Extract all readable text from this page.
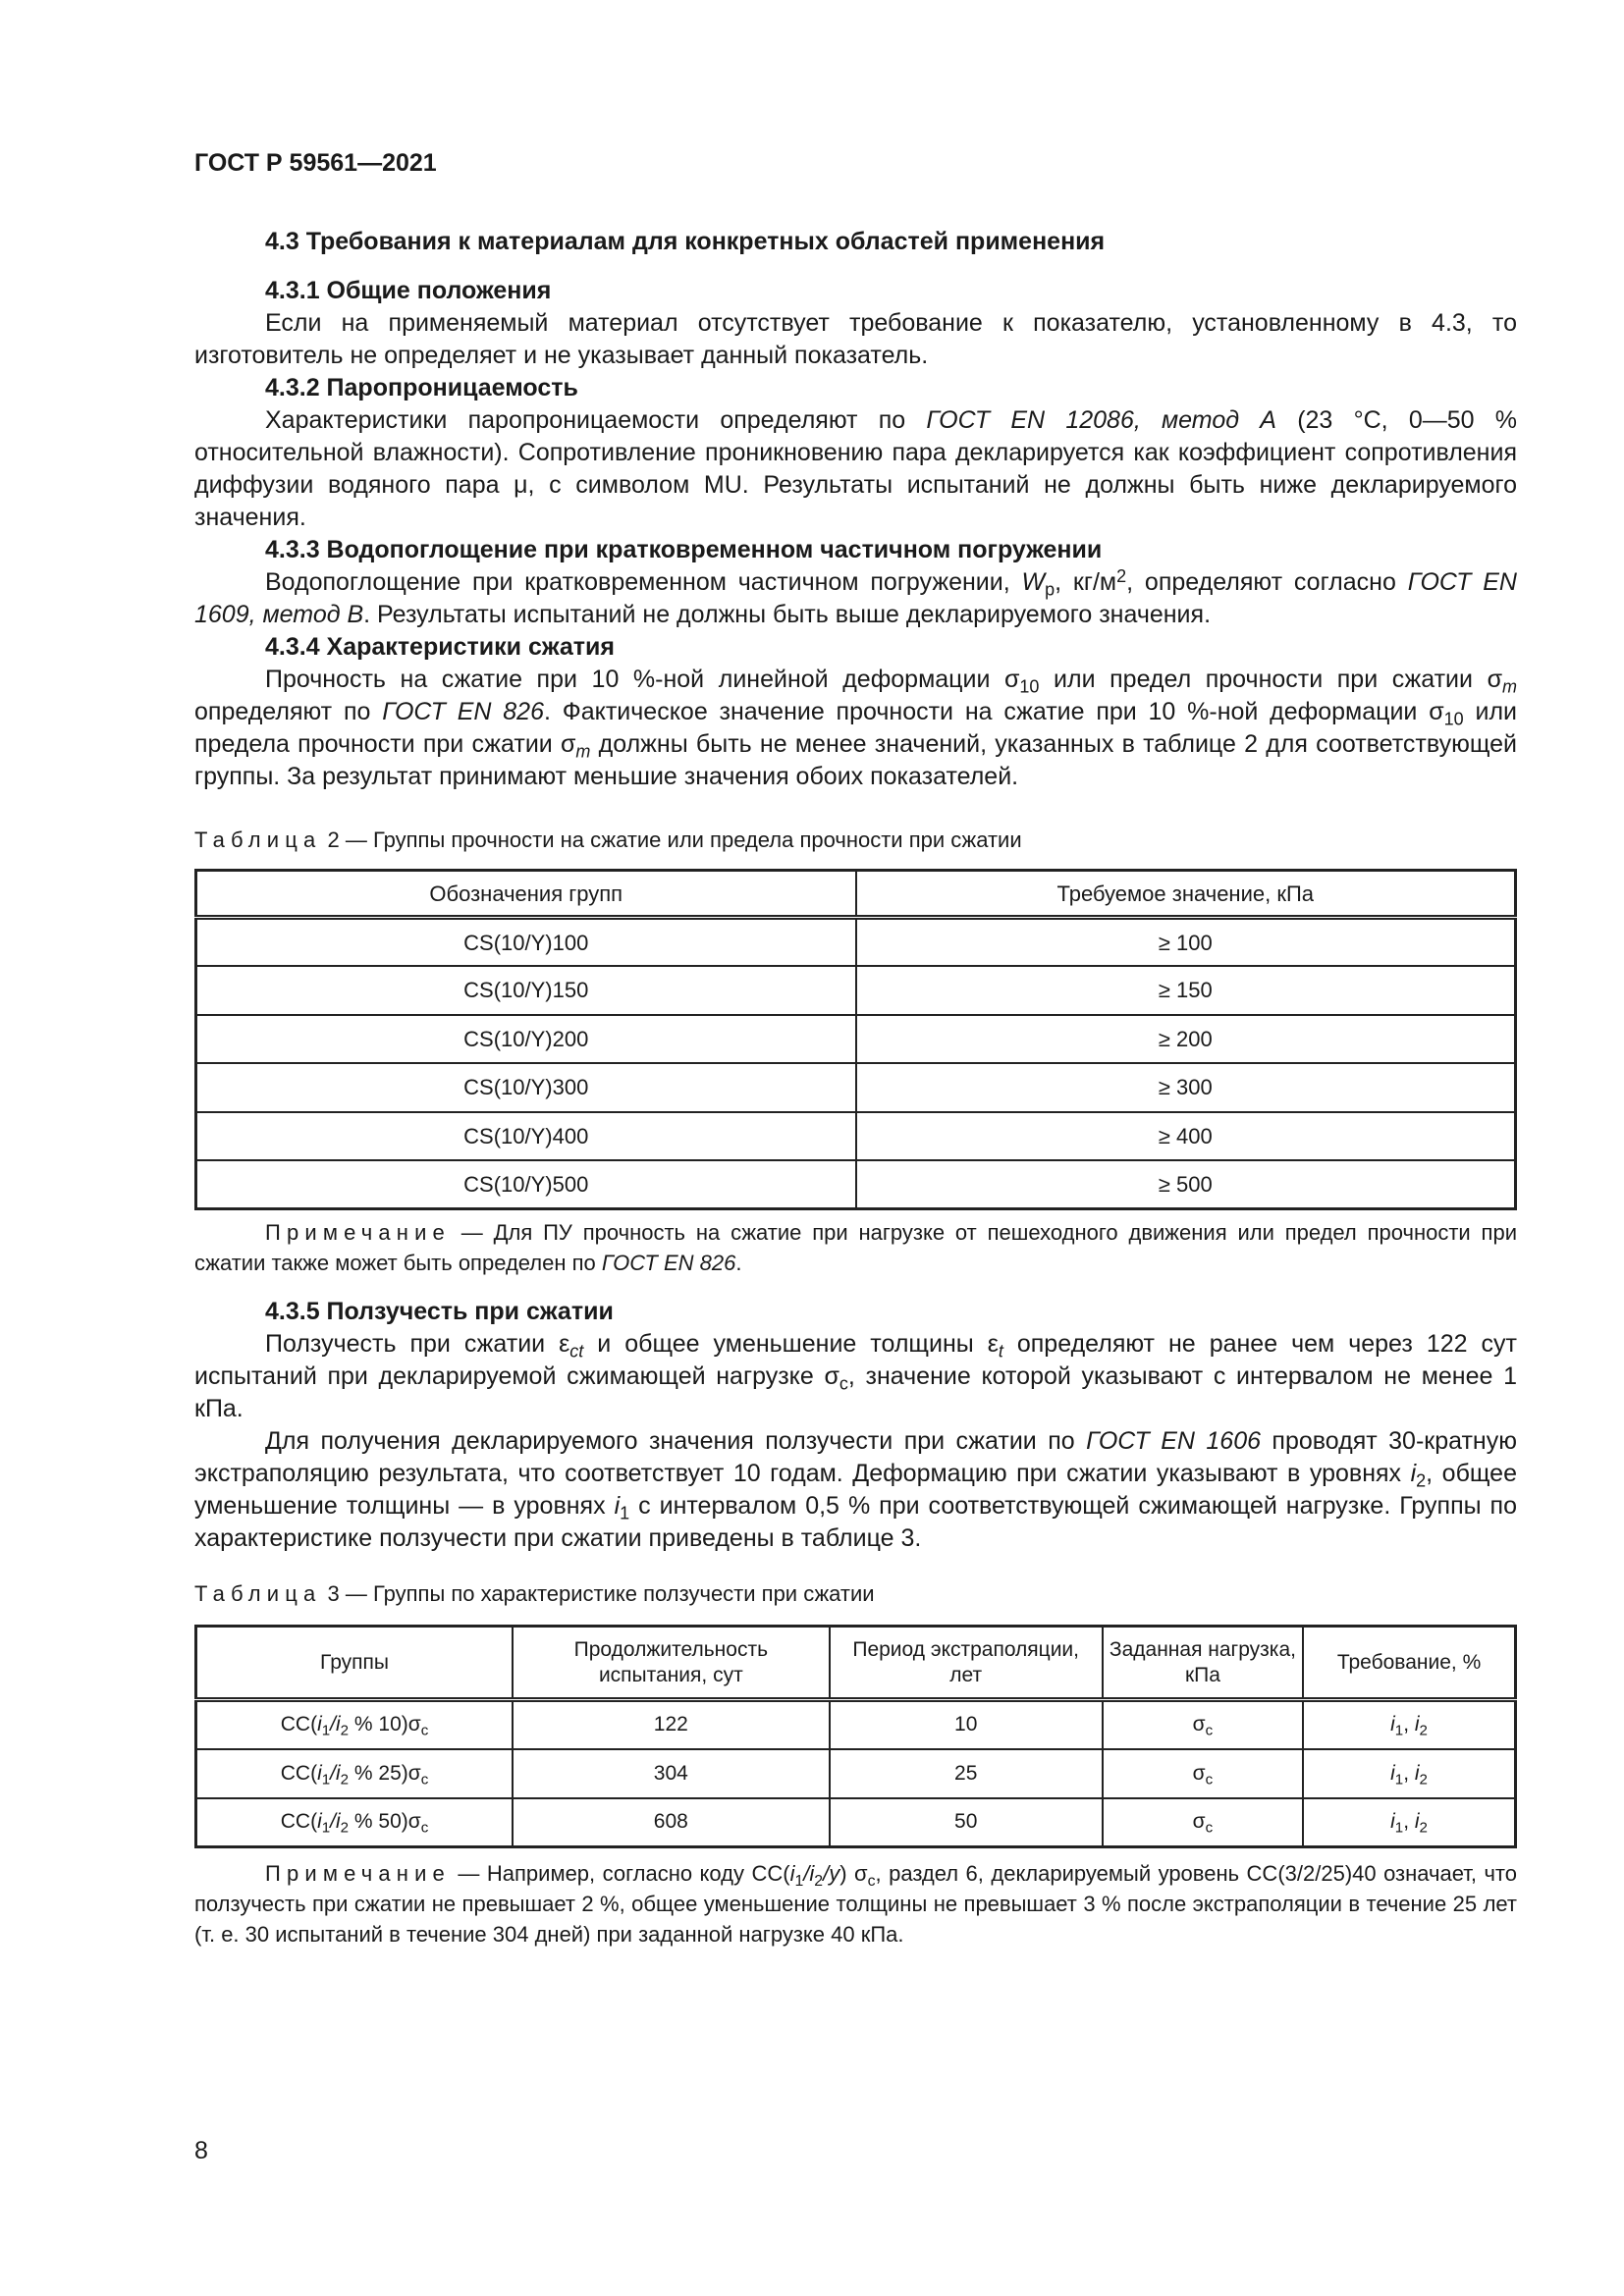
ГОСТ Р 59561—2021

4.3 Требования к материалам для конкретных областей применения

4.3.1 Общие положения

Если на применяемый материал отсутствует требование к показателю, установленному в 4.3, то изготовитель не определяет и не указывает данный показатель.

4.3.2 Паропроницаемость

Характеристики паропроницаемости определяют по ГОСТ EN 12086, метод А (23 °С, 0—50 % относительной влажности). Сопротивление проникновению пара декларируется как коэффициент сопротивления диффузии водяного пара μ, с символом MU. Результаты испытаний не должны быть ниже декларируемого значения.

4.3.3 Водопоглощение при кратковременном частичном погружении

Водопоглощение при кратковременном частичном погружении, $W_p$, $кг/м^2$, определяют согласно ГОСТ EN 1609, метод В. Результаты испытаний не должны быть выше декларируемого значения.

4.3.4 Характеристики сжатия

Прочность на сжатие при 10 %-ной линейной деформации $\sigma_{10}$ или предел прочности при сжатии $\sigma_m$ определяют по ГОСТ EN 826. Фактическое значение прочности на сжатие при 10 %-ной деформации $\sigma_{10}$ или предела прочности при сжатии $\sigma_m$ должны быть не менее значений, указанных в таблице 2 для соответствующей группы. За результат принимают меньшие значения обоих показателей.

Таблица 2 — Группы прочности на сжатие или предела прочности при сжатии
Обозначения групп	Требуемое значение, кПа
CS(10/Y)100	≥ 100
CS(10/Y)150	≥ 150
CS(10/Y)200	≥ 200
CS(10/Y)300	≥ 300
CS(10/Y)400	≥ 400
CS(10/Y)500	≥ 500

Примечание — Для ПУ прочность на сжатие при нагрузке от пешеходного движения или предел прочности при сжатии также может быть определен по ГОСТ EN 826.

4.3.5 Ползучесть при сжатии

Ползучесть при сжатии $\varepsilon_{ct}$ и общее уменьшение толщины $\varepsilon_t$ определяют не ранее чем через 122 сут испытаний при декларируемой сжимающей нагрузке $\sigma_c$, значение которой указывают с интервалом не менее 1 кПа.

Для получения декларируемого значения ползучести при сжатии по ГОСТ EN 1606 проводят 30-кратную экстраполяцию результата, что соответствует 10 годам. Деформацию при сжатии указывают в уровнях $i_2$, общее уменьшение толщины — в уровнях $i_1$ с интервалом 0,5 % при соответствующей сжимающей нагрузке. Группы по характеристике ползучести при сжатии приведены в таблице 3.

Таблица 3 — Группы по характеристике ползучести при сжатии
Группы	Продолжительность испытания, сут	Период экстраполяции, лет	Заданная нагрузка, кПа	Требование, %
$CC(i_1/i_2$ % $10)\sigma_c$	122	10	$\sigma_c$	$i_1$, $i_2$
$CC(i_1/i_2$ % $25)\sigma_c$	304	25	$\sigma_c$	$i_1$, $i_2$
$CC(i_1/i_2$ % $50)\sigma_c$	608	50	$\sigma_c$	$i_1$, $i_2$

Примечание — Например, согласно коду $CC(i_1/i_2/y)$ $\sigma_c$, раздел 6, декларируемый уровень CC(3/2/25)40 означает, что ползучесть при сжатии не превышает 2 %, общее уменьшение толщины не превышает 3 % после экстраполяции в течение 25 лет (т. е. 30 испытаний в течение 304 дней) при заданной нагрузке 40 кПа.

8
